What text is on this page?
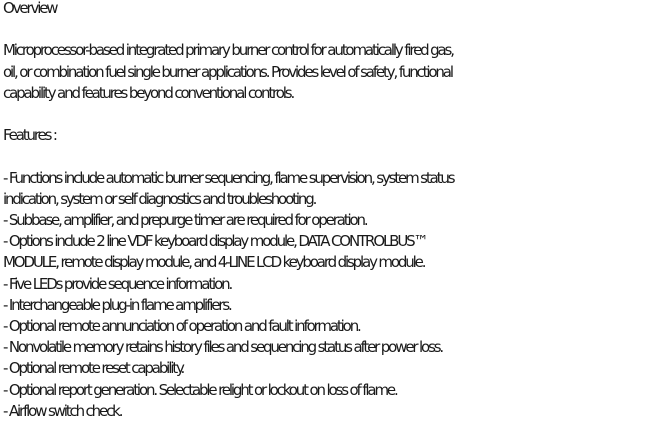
Overview
Microprocessor-based integrated primary burner control for automatically fired gas,
oil, or combination fuel single burner applications. Provides level of safety, functional
capability and features beyond conventional controls.
Features :
- Functions include automatic burner sequencing, flame supervision, system status
indication, system or self diagnostics and troubleshooting.
- Subbase, amplifier, and prepurge timer are required for operation.
- Options include 2 line VDF keyboard display module, DATA CONTROLBUS™
MODULE, remote display module, and 4-LINE LCD keyboard display module.
- Five LEDs provide sequence information.
- Interchangeable plug-in flame amplifiers.
- Optional remote annunciation of operation and fault information.
- Nonvolatile memory retains history files and sequencing status after power loss.
- Optional remote reset capability.
- Optional report generation. Selectable relight or lockout on loss of flame.
- Airflow switch check.
